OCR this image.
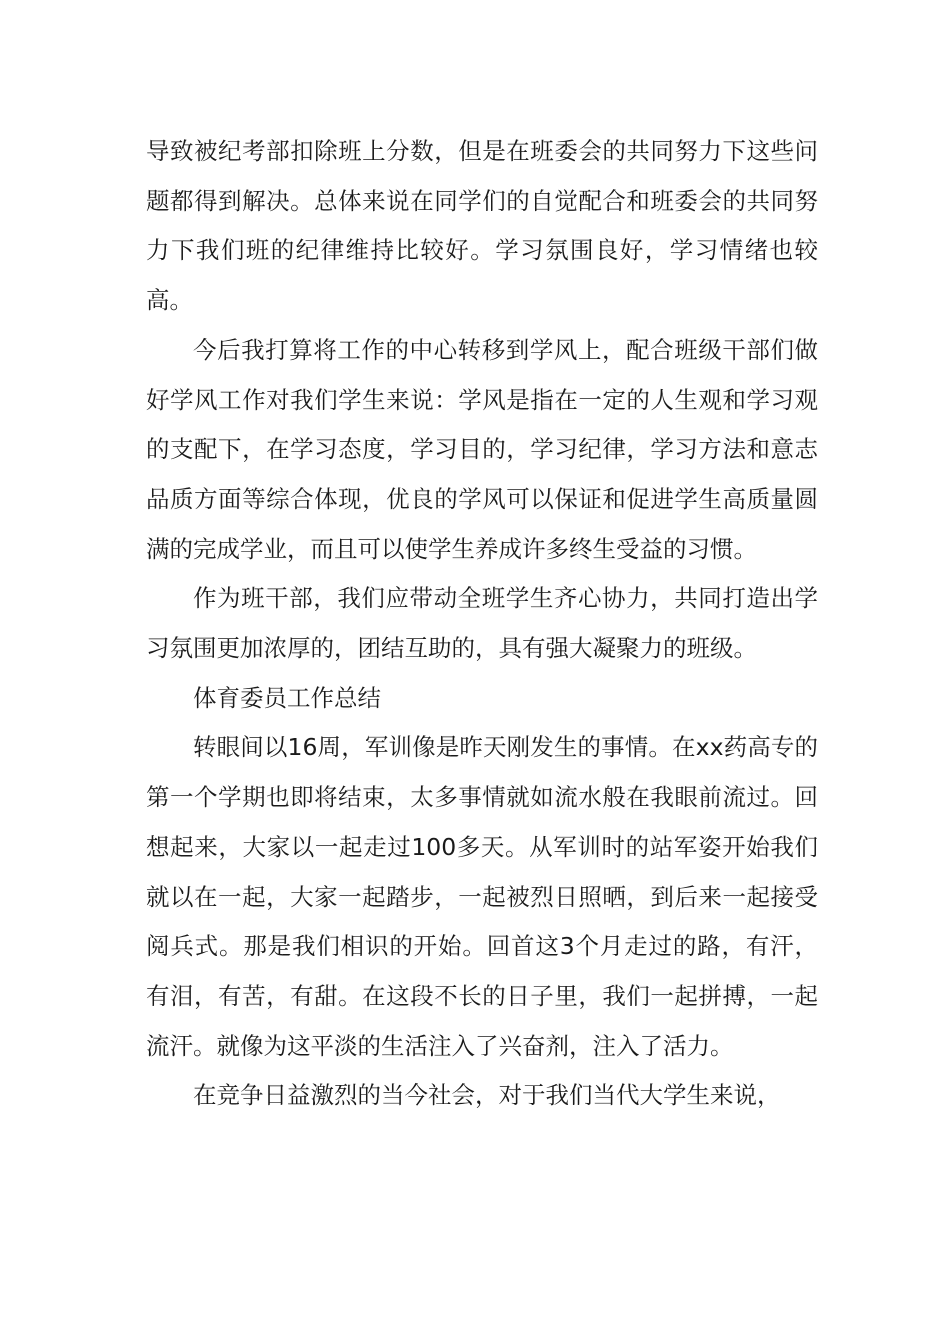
导致被纪考部扣除班上分数，但是在班委会的共同努力下这些问题都得到解决。总体来说在同学们的自觉配合和班委会的共同努力下我们班的纪律维持比较好。学习氛围良好，学习情绪也较高。

今后我打算将工作的中心转移到学风上，配合班级干部们做好学风工作对我们学生来说：学风是指在一定的人生观和学习观的支配下，在学习态度，学习目的，学习纪律，学习方法和意志品质方面等综合体现，优良的学风可以保证和促进学生高质量圆满的完成学业，而且可以使学生养成许多终生受益的习惯。

作为班干部，我们应带动全班学生齐心协力，共同打造出学习氛围更加浓厚的，团结互助的，具有强大凝聚力的班级。

体育委员工作总结

转眼间以16周，军训像是昨天刚发生的事情。在xx药高专的第一个学期也即将结束，太多事情就如流水般在我眼前流过。回想起来，大家以一起走过100多天。从军训时的站军姿开始我们就以在一起，大家一起踏步，一起被烈日照晒，到后来一起接受阅兵式。那是我们相识的开始。回首这3个月走过的路，有汗，有泪，有苦，有甜。在这段不长的日子里，我们一起拼搏，一起流汗。就像为这平淡的生活注入了兴奋剂，注入了活力。

在竞争日益激烈的当今社会，对于我们当代大学生来说，
